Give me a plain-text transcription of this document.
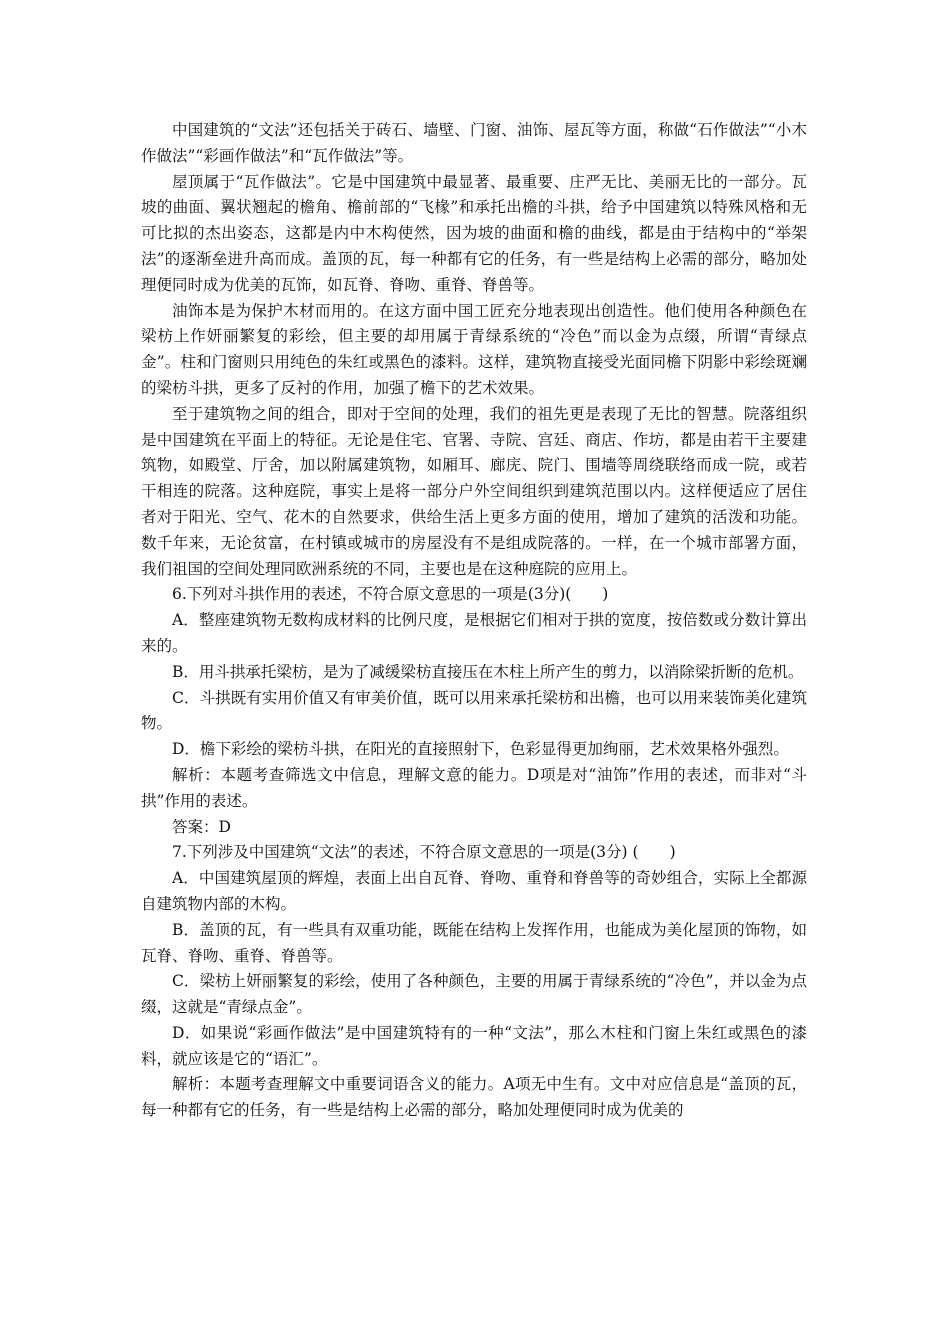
中国建筑的“文法”还包括关于砖石、墙壁、门窗、油饰、屋瓦等方面，称做“石作做法”“小木作做法”“彩画作做法”和“瓦作做法”等。

屋顶属于“瓦作做法”。它是中国建筑中最显著、最重要、庄严无比、美丽无比的一部分。瓦坡的曲面、翼状翘起的檐角、檐前部的“飞椽”和承托出檐的斗拱，给予中国建筑以特殊风格和无可比拟的杰出姿态，这都是内中木构使然，因为坡的曲面和檐的曲线，都是由于结构中的“举架法”的逐渐垒进升高而成。盖顶的瓦，每一种都有它的任务，有一些是结构上必需的部分，略加处理便同时成为优美的瓦饰，如瓦脊、脊吻、重脊、脊兽等。

油饰本是为保护木材而用的。在这方面中国工匠充分地表现出创造性。他们使用各种颜色在梁枋上作妍丽繁复的彩绘，但主要的却用属于青绿系统的“冷色”而以金为点缀，所谓“青绿点金”。柱和门窗则只用纯色的朱红或黑色的漆料。这样，建筑物直接受光面同檐下阴影中彩绘斑斓的梁枋斗拱，更多了反衬的作用，加强了檐下的艺术效果。

至于建筑物之间的组合，即对于空间的处理，我们的祖先更是表现了无比的智慧。院落组织是中国建筑在平面上的特征。无论是住宅、官署、寺院、宫廷、商店、作坊，都是由若干主要建筑物，如殿堂、厅舍，加以附属建筑物，如厢耳、廊庑、院门、围墙等周绕联络而成一院，或若干相连的院落。这种庭院，事实上是将一部分户外空间组织到建筑范围以内。这样便适应了居住者对于阳光、空气、花木的自然要求，供给生活上更多方面的使用，增加了建筑的活泼和功能。数千年来，无论贫富，在村镇或城市的房屋没有不是组成院落的。一样，在一个城市部署方面，我们祖国的空间处理同欧洲系统的不同，主要也是在这种庭院的应用上。

6.下列对斗拱作用的表述，不符合原文意思的一项是(3分)(　　)

A．整座建筑物无数构成材料的比例尺度，是根据它们相对于拱的宽度，按倍数或分数计算出来的。

B．用斗拱承托梁枋，是为了减缓梁枋直接压在木柱上所产生的剪力，以消除梁折断的危机。

C．斗拱既有实用价值又有审美价值，既可以用来承托梁枋和出檐，也可以用来装饰美化建筑物。

D．檐下彩绘的梁枋斗拱，在阳光的直接照射下，色彩显得更加绚丽，艺术效果格外强烈。

解析：本题考查筛选文中信息，理解文意的能力。D项是对“油饰”作用的表述，而非对“斗拱”作用的表述。

答案：D

7.下列涉及中国建筑“文法”的表述，不符合原文意思的一项是(3分) (　　)

A．中国建筑屋顶的辉煌，表面上出自瓦脊、脊吻、重脊和脊兽等的奇妙组合，实际上全都源自建筑物内部的木构。

B．盖顶的瓦，有一些具有双重功能，既能在结构上发挥作用，也能成为美化屋顶的饰物，如瓦脊、脊吻、重脊、脊兽等。

C．梁枋上妍丽繁复的彩绘，使用了各种颜色，主要的用属于青绿系统的“冷色”，并以金为点缀，这就是“青绿点金”。

D．如果说“彩画作做法”是中国建筑特有的一种“文法”，那么木柱和门窗上朱红或黑色的漆料，就应该是它的“语汇”。

解析：本题考查理解文中重要词语含义的能力。A项无中生有。文中对应信息是“盖顶的瓦，每一种都有它的任务，有一些是结构上必需的部分，略加处理便同时成为优美的
